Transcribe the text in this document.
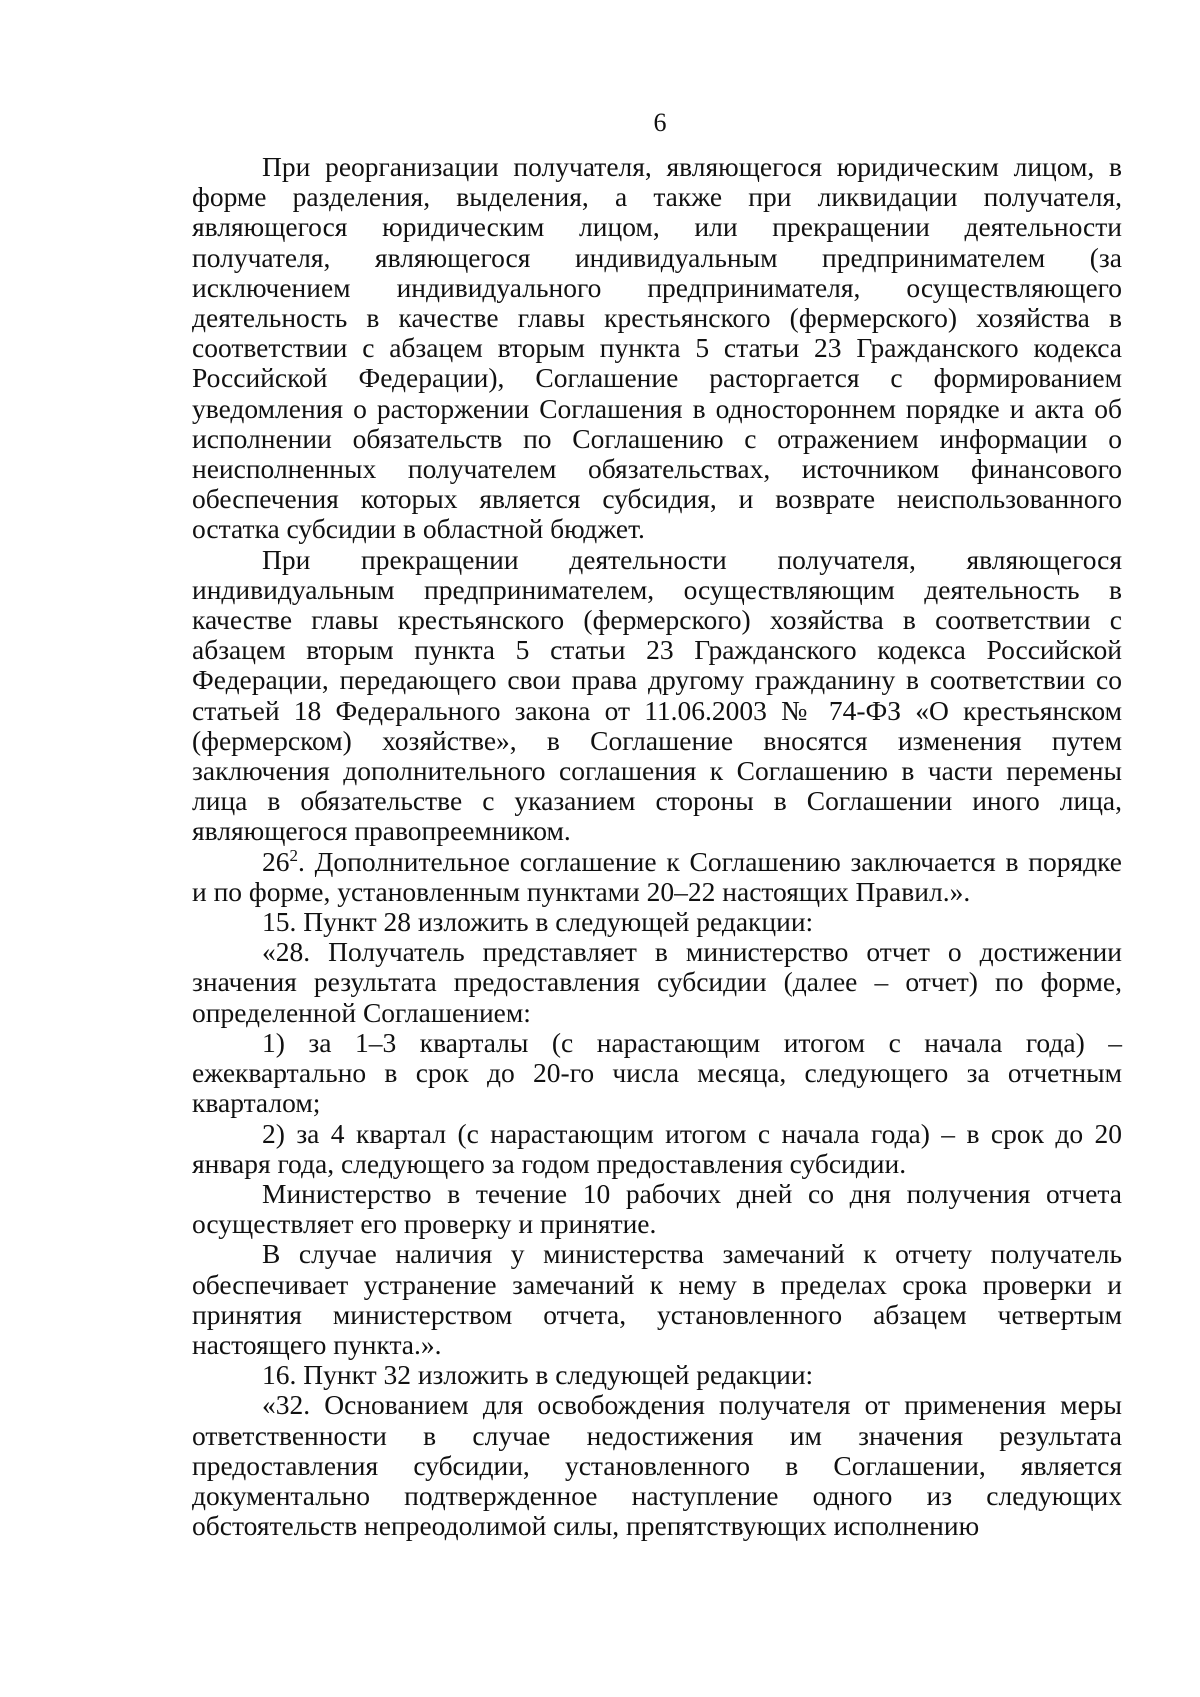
6

При реорганизации получателя, являющегося юридическим лицом, в форме разделения, выделения, а также при ликвидации получателя, являющегося юридическим лицом, или прекращении деятельности получателя, являющегося индивидуальным предпринимателем (за исключением индивидуального предпринимателя, осуществляющего деятельность в качестве главы крестьянского (фермерского) хозяйства в соответствии с абзацем вторым пункта 5 статьи 23 Гражданского кодекса Российской Федерации), Соглашение расторгается с формированием уведомления о расторжении Соглашения в одностороннем порядке и акта об исполнении обязательств по Соглашению с отражением информации о неисполненных получателем обязательствах, источником финансового обеспечения которых является субсидия, и возврате неиспользованного остатка субсидии в областной бюджет.

При прекращении деятельности получателя, являющегося индивидуальным предпринимателем, осуществляющим деятельность в качестве главы крестьянского (фермерского) хозяйства в соответствии с абзацем вторым пункта 5 статьи 23 Гражданского кодекса Российской Федерации, передающего свои права другому гражданину в соответствии со статьей 18 Федерального закона от 11.06.2003 № 74-ФЗ «О крестьянском (фермерском) хозяйстве», в Соглашение вносятся изменения путем заключения дополнительного соглашения к Соглашению в части перемены лица в обязательстве с указанием стороны в Соглашении иного лица, являющегося правопреемником.

$26^2$. Дополнительное соглашение к Соглашению заключается в порядке и по форме, установленным пунктами 20–22 настоящих Правил.».

15. Пункт 28 изложить в следующей редакции:

«28. Получатель представляет в министерство отчет о достижении значения результата предоставления субсидии (далее – отчет) по форме, определенной Соглашением:

1) за 1–3 кварталы (с нарастающим итогом с начала года) – ежеквартально в срок до 20-го числа месяца, следующего за отчетным кварталом;

2) за 4 квартал (с нарастающим итогом с начала года) – в срок до 20 января года, следующего за годом предоставления субсидии.

Министерство в течение 10 рабочих дней со дня получения отчета осуществляет его проверку и принятие.

В случае наличия у министерства замечаний к отчету получатель обеспечивает устранение замечаний к нему в пределах срока проверки и принятия министерством отчета, установленного абзацем четвертым настоящего пункта.».

16. Пункт 32 изложить в следующей редакции:

«32. Основанием для освобождения получателя от применения меры ответственности в случае недостижения им значения результата предоставления субсидии, установленного в Соглашении, является документально подтвержденное наступление одного из следующих обстоятельств непреодолимой силы, препятствующих исполнению
